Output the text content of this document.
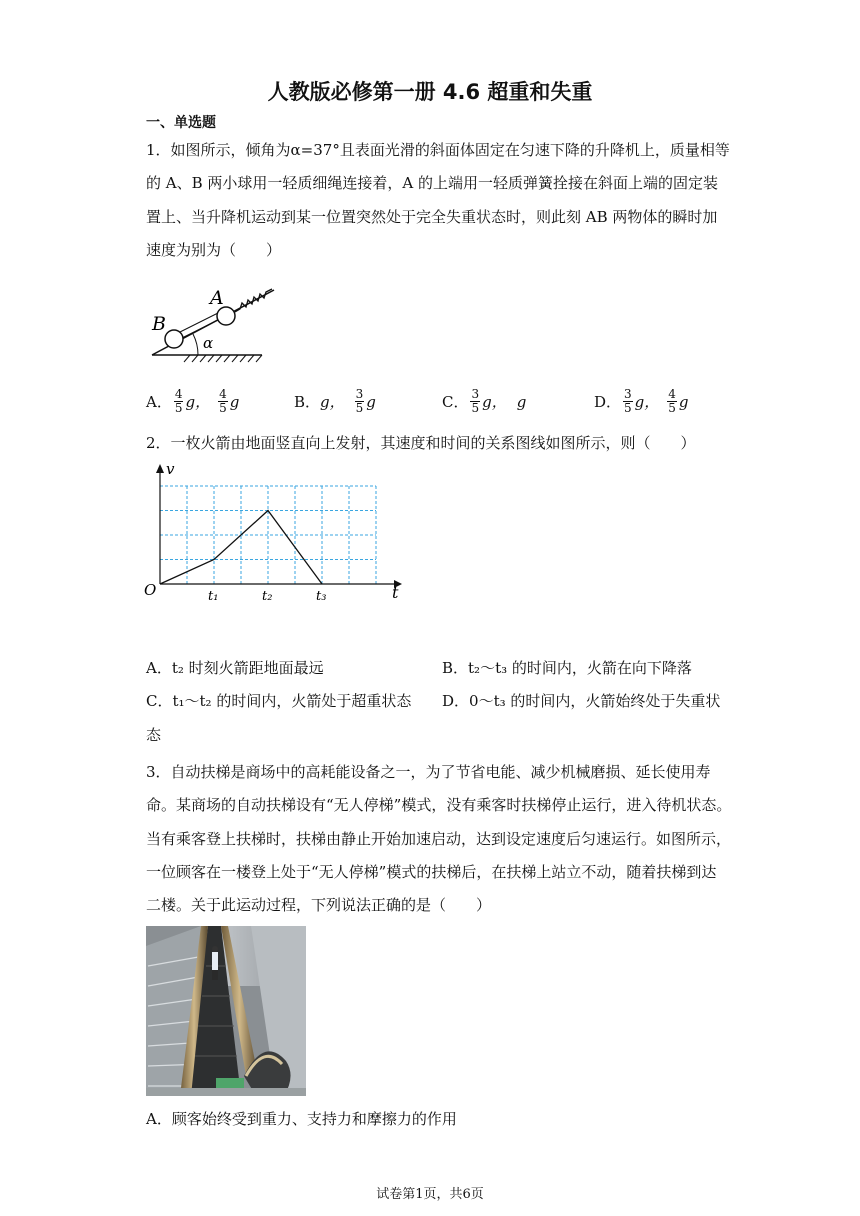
人教版必修第一册 4.6 超重和失重
一、单选题
1．如图所示，倾角为α=37°且表面光滑的斜面体固定在匀速下降的升降机上，质量相等
的 A、B 两小球用一轻质细绳连接着，A 的上端用一轻质弹簧拴接在斜面上端的固定装
置上、当升降机运动到某一位置突然处于完全失重状态时，则此刻 AB 两物体的瞬时加
速度为别为（　　）
α
A
B
A． $\frac{4}{5}$ g， $\frac{4}{5}$ g	B． g， $\frac{3}{5}$ g	C． $\frac{3}{5}$ g， g	D． $\frac{3}{5}$ g， $\frac{4}{5}$ g
2．一枚火箭由地面竖直向上发射，其速度和时间的关系图线如图所示，则（　　）
t₁	t₂	t₃
O	t
v
A．t₂ 时刻火箭距地面最远	B．t₂～t₃ 的时间内，火箭在向下降落
C．t₁～t₂ 的时间内，火箭处于超重状态 D．0～t₃ 的时间内，火箭始终处于失重状
态
3．自动扶梯是商场中的高耗能设备之一，为了节省电能、减少机械磨损、延长使用寿
命。某商场的自动扶梯设有“无人停梯”模式，没有乘客时扶梯停止运行，进入待机状态。
当有乘客登上扶梯时，扶梯由静止开始加速启动，达到设定速度后匀速运行。如图所示，
一位顾客在一楼登上处于“无人停梯”模式的扶梯后，在扶梯上站立不动，随着扶梯到达
二楼。关于此运动过程，下列说法正确的是（　　）
A．顾客始终受到重力、支持力和摩擦力的作用
试卷第1页，共6页
